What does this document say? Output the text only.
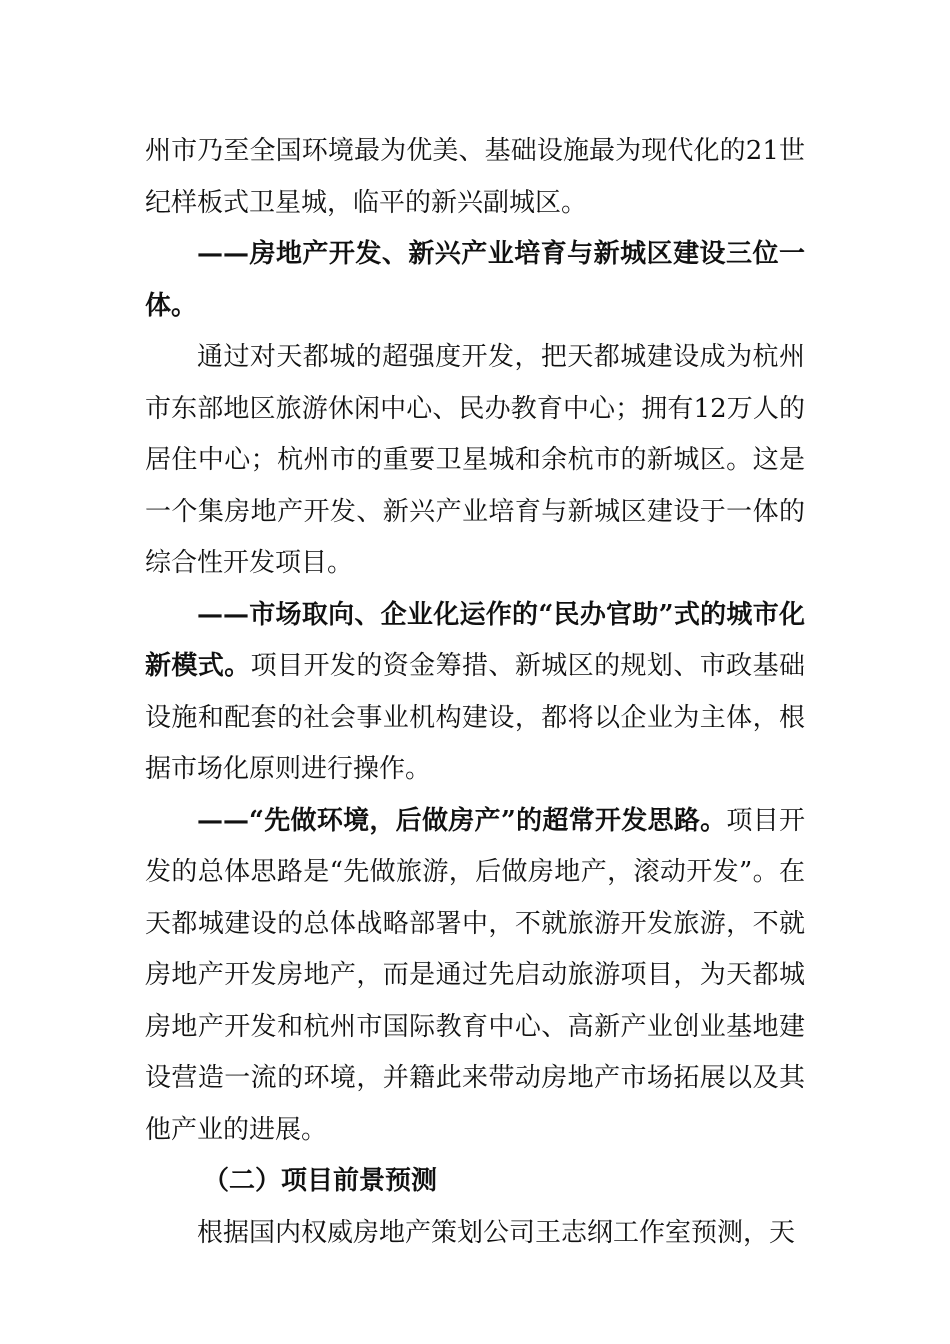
州市乃至全国环境最为优美、基础设施最为现代化的21世纪样板式卫星城，临平的新兴副城区。

——房地产开发、新兴产业培育与新城区建设三位一体。

通过对天都城的超强度开发，把天都城建设成为杭州市东部地区旅游休闲中心、民办教育中心；拥有12万人的居住中心；杭州市的重要卫星城和余杭市的新城区。这是一个集房地产开发、新兴产业培育与新城区建设于一体的综合性开发项目。

——市场取向、企业化运作的“民办官助”式的城市化新模式。项目开发的资金筹措、新城区的规划、市政基础设施和配套的社会事业机构建设，都将以企业为主体，根据市场化原则进行操作。

——“先做环境，后做房产”的超常开发思路。项目开发的总体思路是“先做旅游，后做房地产，滚动开发”。在天都城建设的总体战略部署中，不就旅游开发旅游，不就房地产开发房地产，而是通过先启动旅游项目，为天都城房地产开发和杭州市国际教育中心、高新产业创业基地建设营造一流的环境，并籍此来带动房地产市场拓展以及其他产业的进展。

（二）项目前景预测

根据国内权威房地产策划公司王志纲工作室预测，天
